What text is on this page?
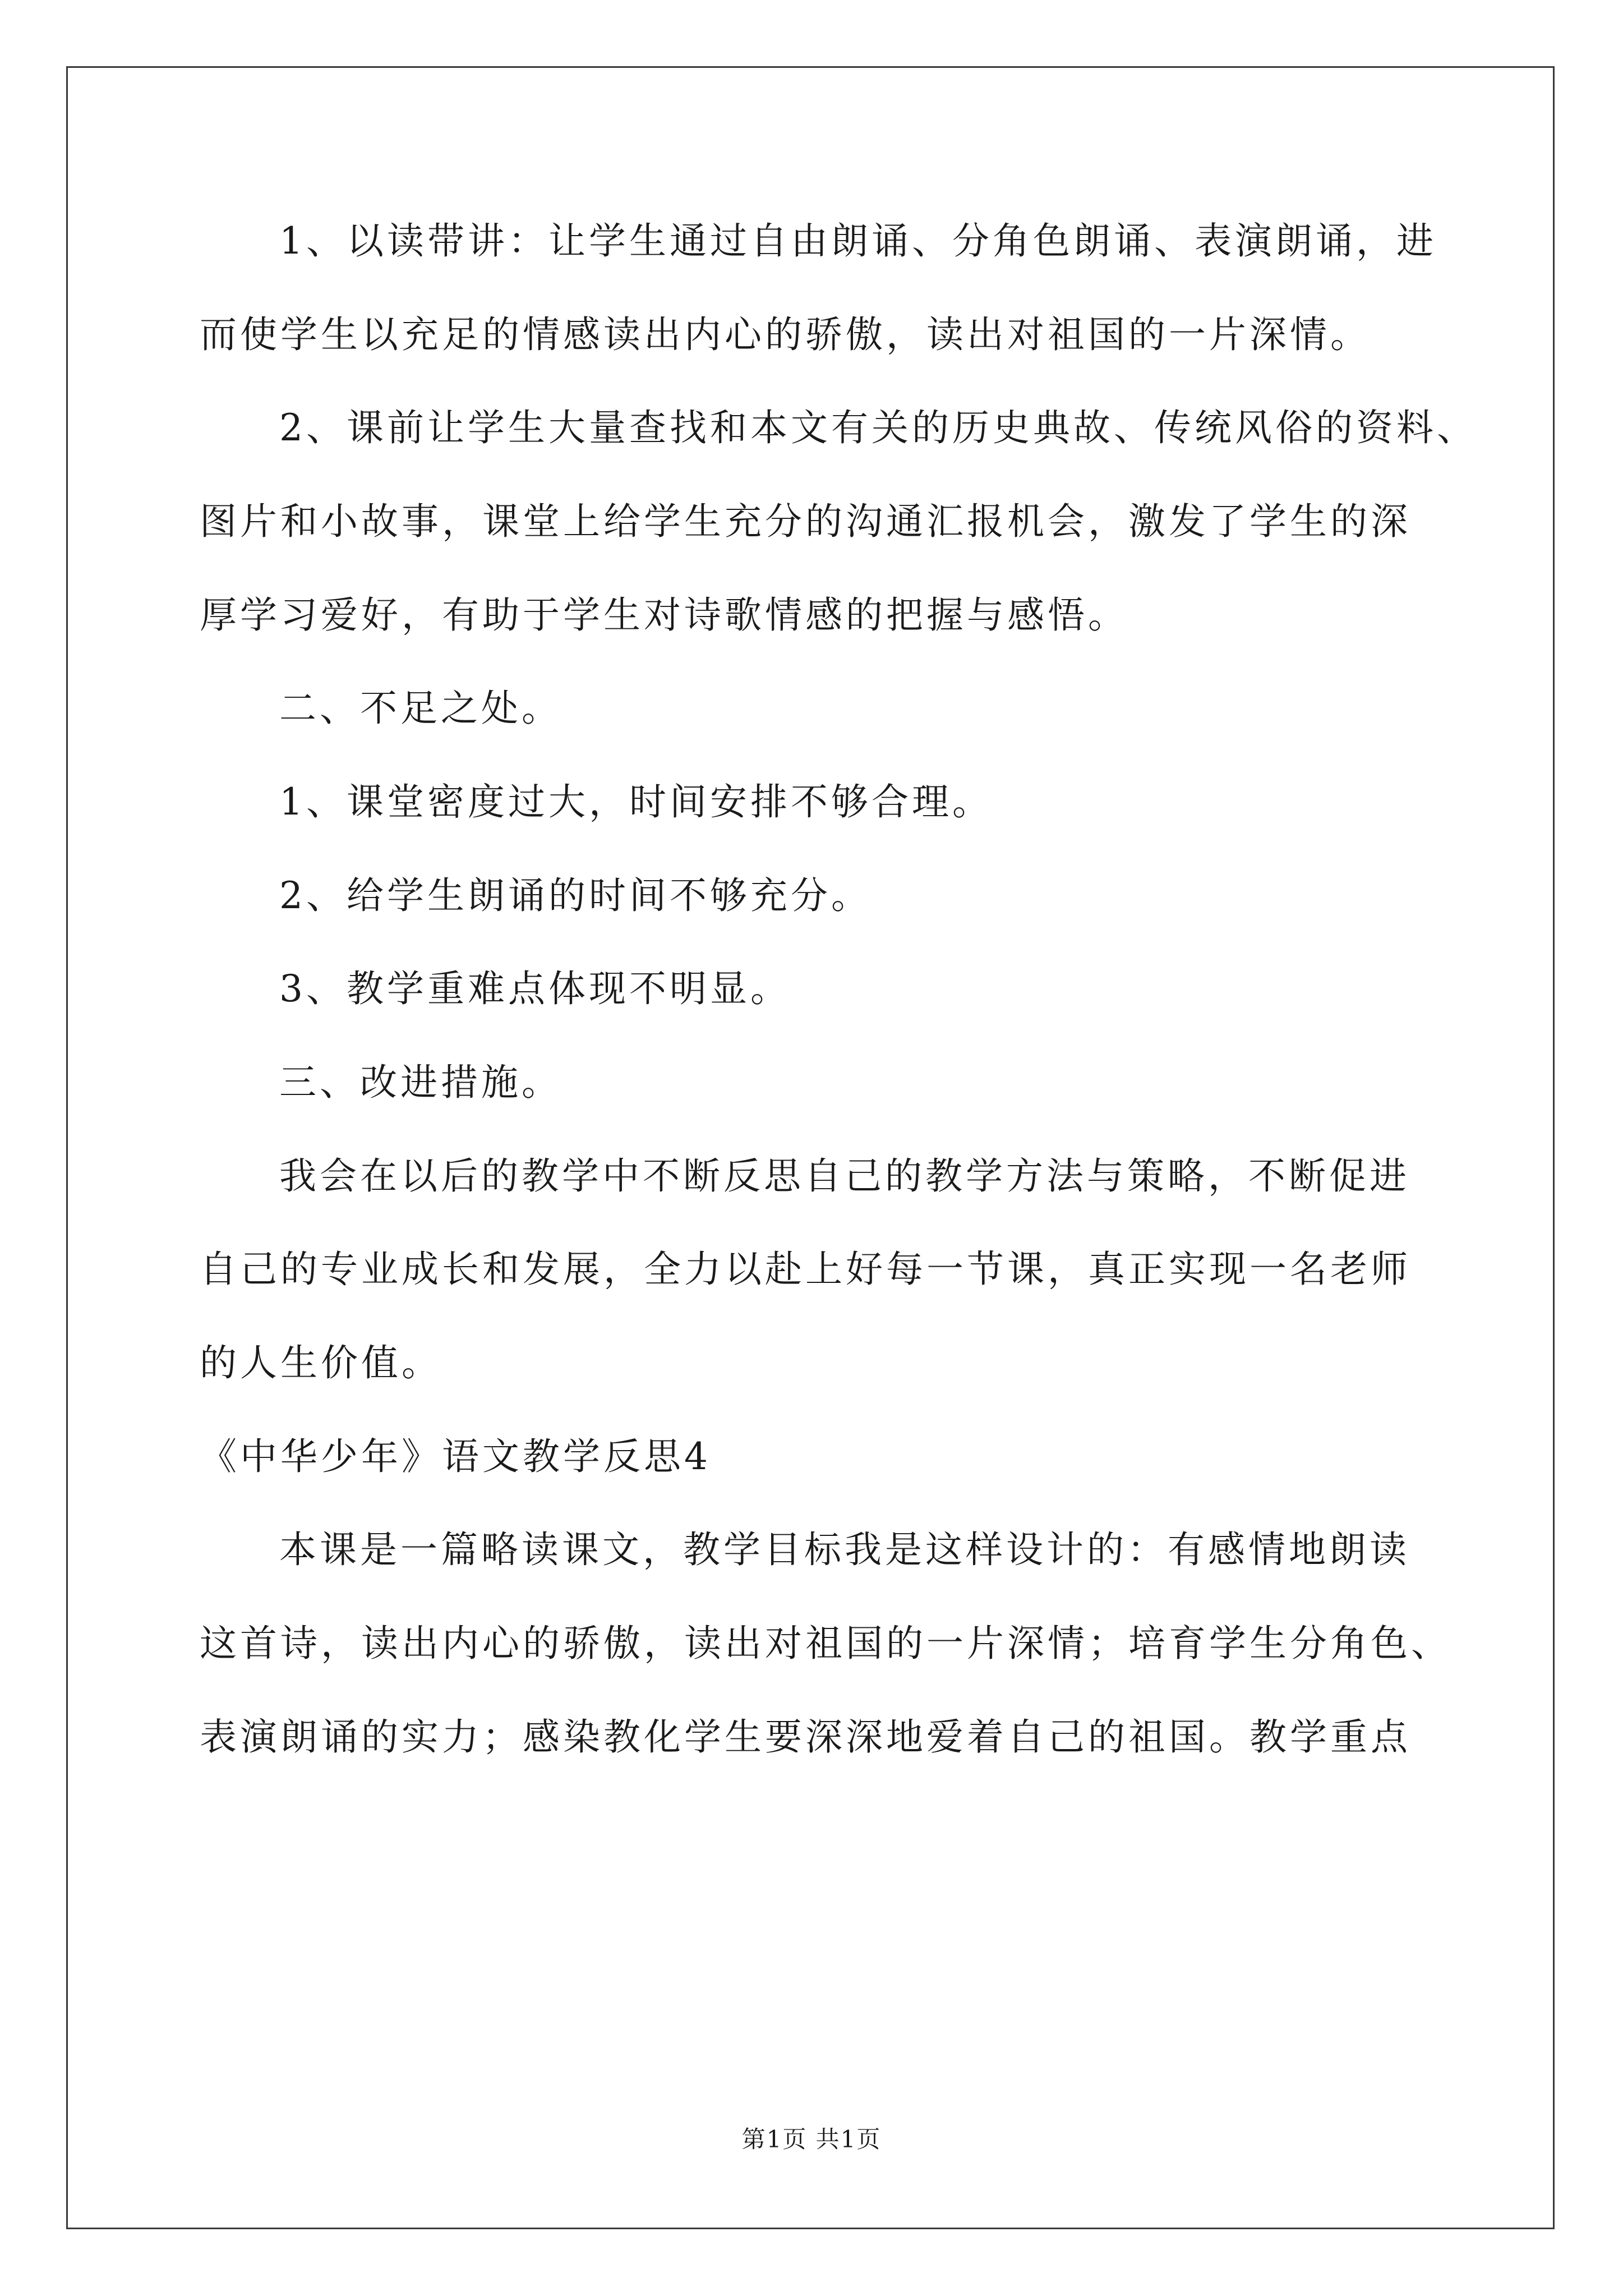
1、以读带讲：让学生通过自由朗诵、分角色朗诵、表演朗诵，进
而使学生以充足的情感读出内心的骄傲，读出对祖国的一片深情。
2、课前让学生大量查找和本文有关的历史典故、传统风俗的资料、
图片和小故事，课堂上给学生充分的沟通汇报机会，激发了学生的深
厚学习爱好，有助于学生对诗歌情感的把握与感悟。
二、不足之处。
1、课堂密度过大，时间安排不够合理。
2、给学生朗诵的时间不够充分。
3、教学重难点体现不明显。
三、改进措施。
我会在以后的教学中不断反思自己的教学方法与策略，不断促进
自己的专业成长和发展，全力以赴上好每一节课，真正实现一名老师
的人生价值。
《中华少年》语文教学反思4
本课是一篇略读课文，教学目标我是这样设计的：有感情地朗读
这首诗，读出内心的骄傲，读出对祖国的一片深情；培育学生分角色、
表演朗诵的实力；感染教化学生要深深地爱着自己的祖国。教学重点
第1页 共1页
